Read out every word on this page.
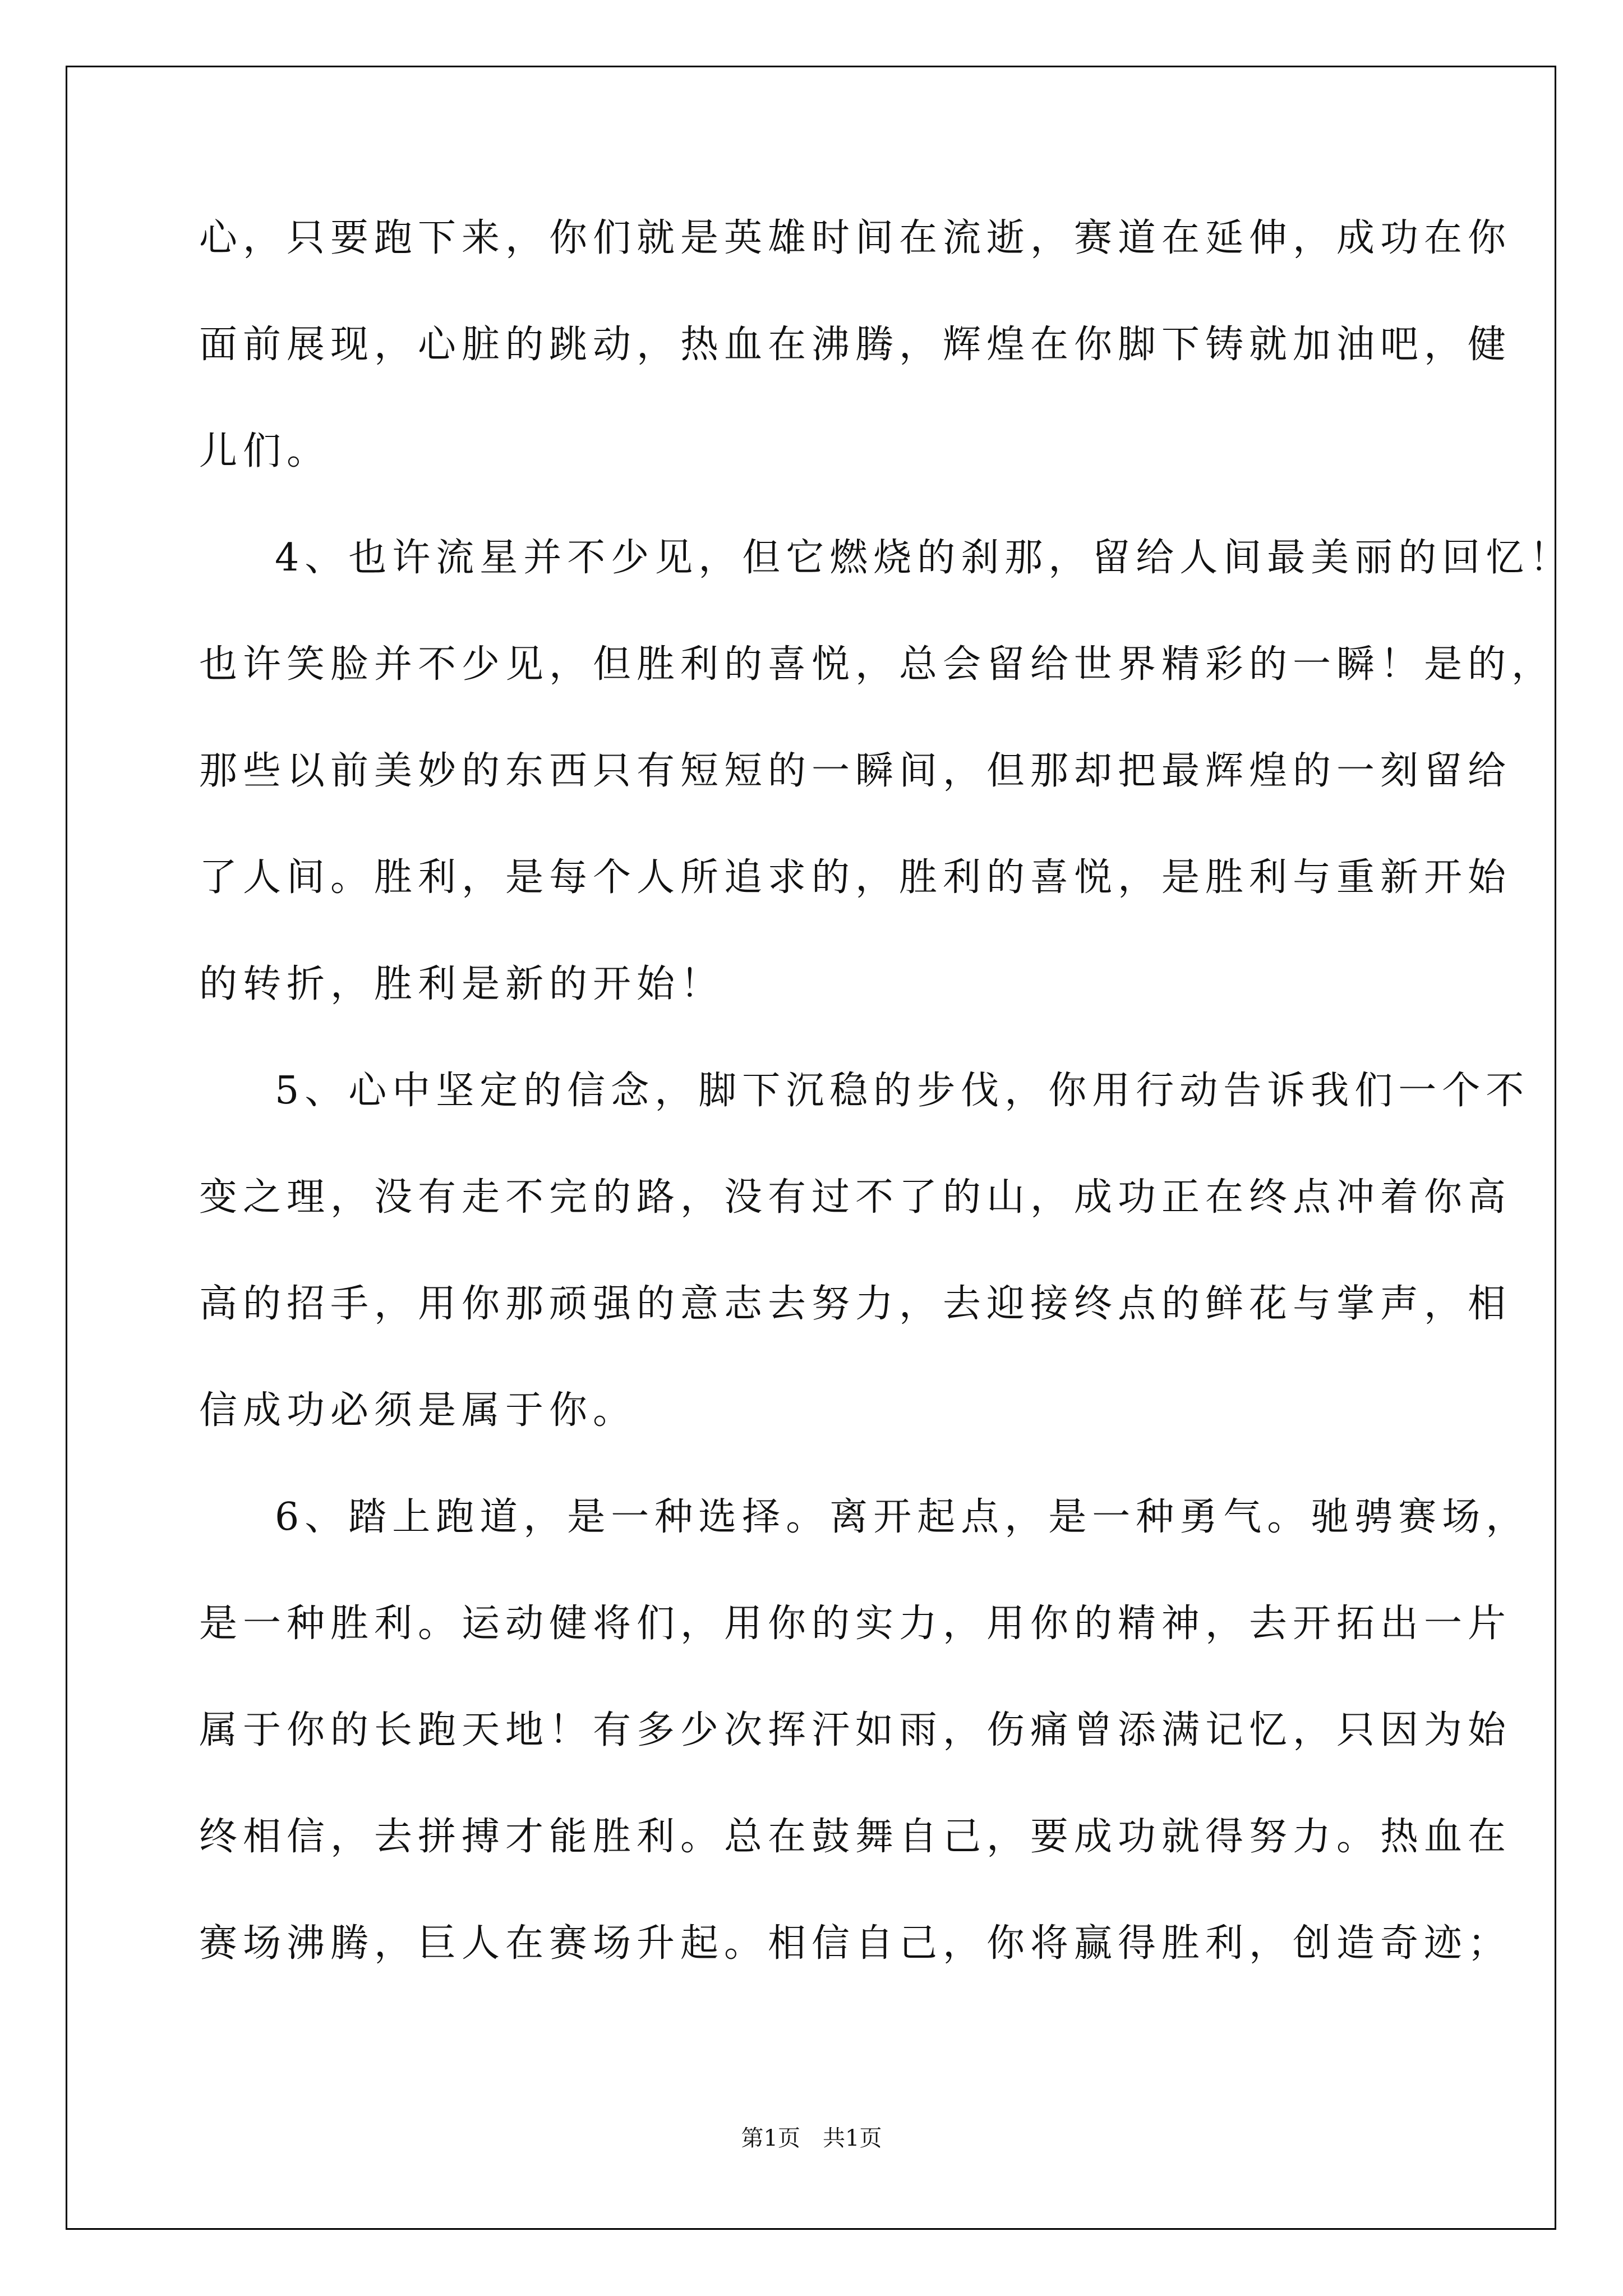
心，只要跑下来，你们就是英雄时间在流逝，赛道在延伸，成功在你
面前展现，心脏的跳动，热血在沸腾，辉煌在你脚下铸就加油吧，健
儿们。
4、也许流星并不少见，但它燃烧的刹那，留给人间最美丽的回忆！
也许笑脸并不少见，但胜利的喜悦，总会留给世界精彩的一瞬！是的，
那些以前美妙的东西只有短短的一瞬间，但那却把最辉煌的一刻留给
了人间。胜利，是每个人所追求的，胜利的喜悦，是胜利与重新开始
的转折，胜利是新的开始！
5、心中坚定的信念，脚下沉稳的步伐，你用行动告诉我们一个不
变之理，没有走不完的路，没有过不了的山，成功正在终点冲着你高
高的招手，用你那顽强的意志去努力，去迎接终点的鲜花与掌声，相
信成功必须是属于你。
6、踏上跑道，是一种选择。离开起点，是一种勇气。驰骋赛场，
是一种胜利。运动健将们，用你的实力，用你的精神，去开拓出一片
属于你的长跑天地！有多少次挥汗如雨，伤痛曾添满记忆，只因为始
终相信，去拼搏才能胜利。总在鼓舞自己，要成功就得努力。热血在
赛场沸腾，巨人在赛场升起。相信自己，你将赢得胜利，创造奇迹；
第1页　共1页
